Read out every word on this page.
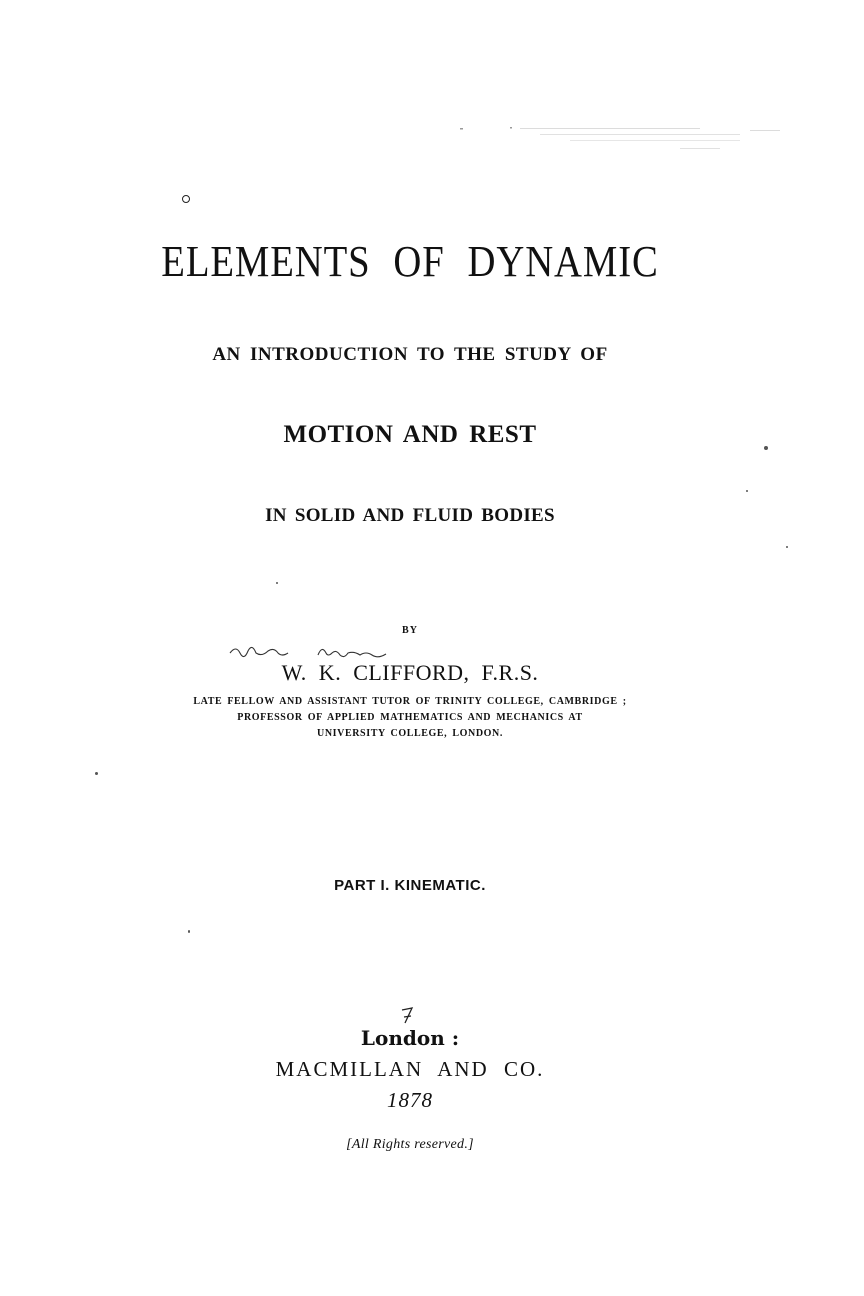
ELEMENTS OF DYNAMIC
AN INTRODUCTION TO THE STUDY OF
MOTION AND REST
IN SOLID AND FLUID BODIES
BY
W. K. CLIFFORD, F.R.S.
LATE FELLOW AND ASSISTANT TUTOR OF TRINITY COLLEGE, CAMBRIDGE ;
PROFESSOR OF APPLIED MATHEMATICS AND MECHANICS AT
UNIVERSITY COLLEGE, LONDON.
PART I. KINEMATIC.
London :
MACMILLAN AND CO.
1878
[All Rights reserved.]
